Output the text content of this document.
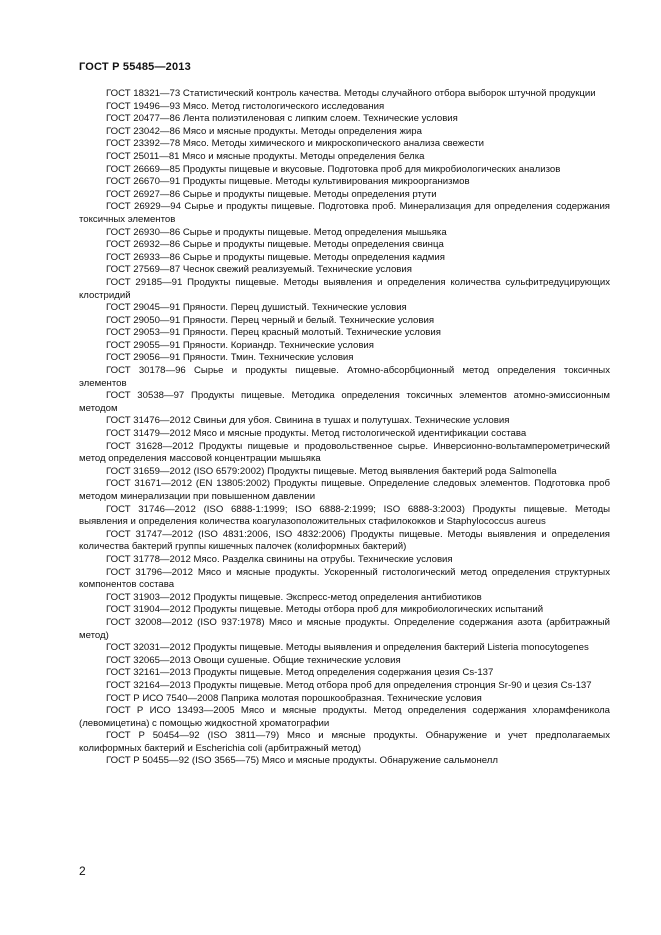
ГОСТ Р 55485—2013

ГОСТ 18321—73 Статистический контроль качества. Методы случайного отбора выборок штучной продукции

ГОСТ 19496—93 Мясо. Метод гистологического исследования

ГОСТ 20477—86 Лента полиэтиленовая с липким слоем. Технические условия

ГОСТ 23042—86 Мясо и мясные продукты. Методы определения жира

ГОСТ 23392—78 Мясо. Методы химического и микроскопического анализа свежести

ГОСТ 25011—81 Мясо и мясные продукты. Методы определения белка

ГОСТ 26669—85 Продукты пищевые и вкусовые. Подготовка проб для микробиологических анализов

ГОСТ 26670—91 Продукты пищевые. Методы культивирования микроорганизмов

ГОСТ 26927—86 Сырье и продукты пищевые. Методы определения ртути

ГОСТ 26929—94 Сырье и продукты пищевые. Подготовка проб. Минерализация для определения содержания токсичных элементов

ГОСТ 26930—86 Сырье и продукты пищевые. Метод определения мышьяка

ГОСТ 26932—86 Сырье и продукты пищевые. Методы определения свинца

ГОСТ 26933—86 Сырье и продукты пищевые. Методы определения кадмия

ГОСТ 27569—87 Чеснок свежий реализуемый. Технические условия

ГОСТ 29185—91 Продукты пищевые. Методы выявления и определения количества сульфитредуцирующих клостридий

ГОСТ 29045—91 Пряности. Перец душистый. Технические условия

ГОСТ 29050—91 Пряности. Перец черный и белый. Технические условия

ГОСТ 29053—91 Пряности. Перец красный молотый. Технические условия

ГОСТ 29055—91 Пряности. Кориандр. Технические условия

ГОСТ 29056—91 Пряности. Тмин. Технические условия

ГОСТ 30178—96 Сырье и продукты пищевые. Атомно-абсорбционный метод определения токсичных элементов

ГОСТ 30538—97 Продукты пищевые. Методика определения токсичных элементов атомно-эмиссионным методом

ГОСТ 31476—2012 Свиньи для убоя. Свинина в тушах и полутушах. Технические условия

ГОСТ 31479—2012 Мясо и мясные продукты. Метод гистологической идентификации состава

ГОСТ 31628—2012 Продукты пищевые и продовольственное сырье. Инверсионно-вольтамперометрический метод определения массовой концентрации мышьяка

ГОСТ 31659—2012 (ISO 6579:2002) Продукты пищевые. Метод выявления бактерий рода Salmonella

ГОСТ 31671—2012 (EN 13805:2002) Продукты пищевые. Определение следовых элементов. Подготовка проб методом минерализации при повышенном давлении

ГОСТ 31746—2012 (ISO 6888-1:1999; ISO 6888-2:1999; ISO 6888-3:2003) Продукты пищевые. Методы выявления и определения количества коагулазоположительных стафилококков и Staphylococcus aureus

ГОСТ 31747—2012 (ISO 4831:2006, ISO 4832:2006) Продукты пищевые. Методы выявления и определения количества бактерий группы кишечных палочек (колиформных бактерий)

ГОСТ 31778—2012 Мясо. Разделка свинины на отрубы. Технические условия

ГОСТ 31796—2012 Мясо и мясные продукты. Ускоренный гистологический метод определения структурных компонентов состава

ГОСТ 31903—2012 Продукты пищевые. Экспресс-метод определения антибиотиков

ГОСТ 31904—2012 Продукты пищевые. Методы отбора проб для микробиологических испытаний

ГОСТ 32008—2012 (ISO 937:1978) Мясо и мясные продукты. Определение содержания азота (арбитражный метод)

ГОСТ 32031—2012 Продукты пищевые. Методы выявления и определения бактерий Listeria monocytogenes

ГОСТ 32065—2013 Овощи сушеные. Общие технические условия

ГОСТ 32161—2013 Продукты пищевые. Метод определения содержания цезия Cs-137

ГОСТ 32164—2013 Продукты пищевые. Метод отбора проб для определения стронция Sr-90 и цезия Cs-137

ГОСТ Р ИСО 7540—2008 Паприка молотая порошкообразная. Технические условия

ГОСТ Р ИСО 13493—2005 Мясо и мясные продукты. Метод определения содержания хлорамфеникола (левомицетина) с помощью жидкостной хроматографии

ГОСТ Р 50454—92 (ISO 3811—79) Мясо и мясные продукты. Обнаружение и учет предполагаемых колиформных бактерий и Escherichia coli (арбитражный метод)

ГОСТ Р 50455—92 (ISO 3565—75) Мясо и мясные продукты. Обнаружение сальмонелл

2
